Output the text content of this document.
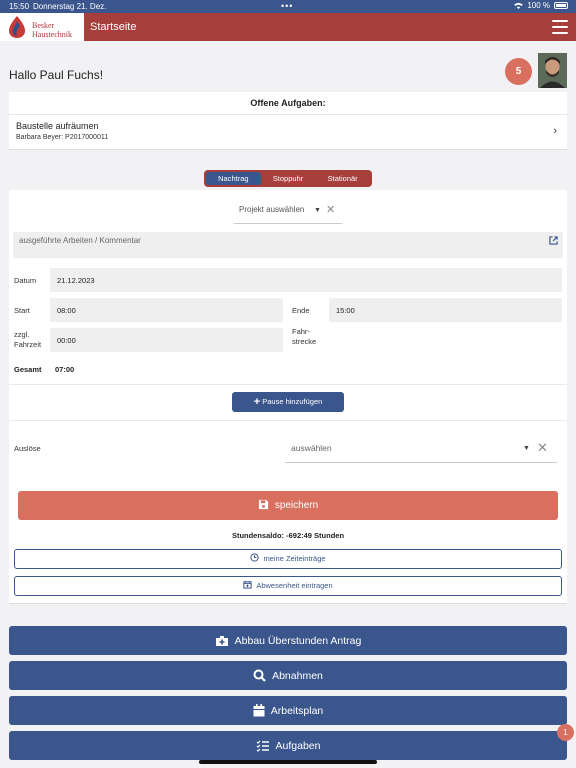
15:50 Donnerstag 21. Dez.	•••	100 %
Besker
Haustechnik
Startseite
Hallo Paul Fuchs!	5
Offene Aufgaben:
Baustelle aufräumen
Barbara Beyer: P2017000011
›
Nachtrag	Stoppuhr	Stationär
Projekt auswählen ▼ ✕
ausgeführte Arbeiten / Kommentar
Datum	21.12.2023
Start	08:00	Ende	15:00
zzgl.
Fahrzeit	00:00
Fahr-
strecke
Gesamt 07:00
+ Pause hinzufügen
Auslöse	auswählen	▼ ✕
speichern
Stundensaldo: -692:49 Stunden
meine Zeiteinträge
Abwesenheit eintragen
Abbau Überstunden Antrag
Abnahmen
Arbeitsplan
Aufgaben
1
